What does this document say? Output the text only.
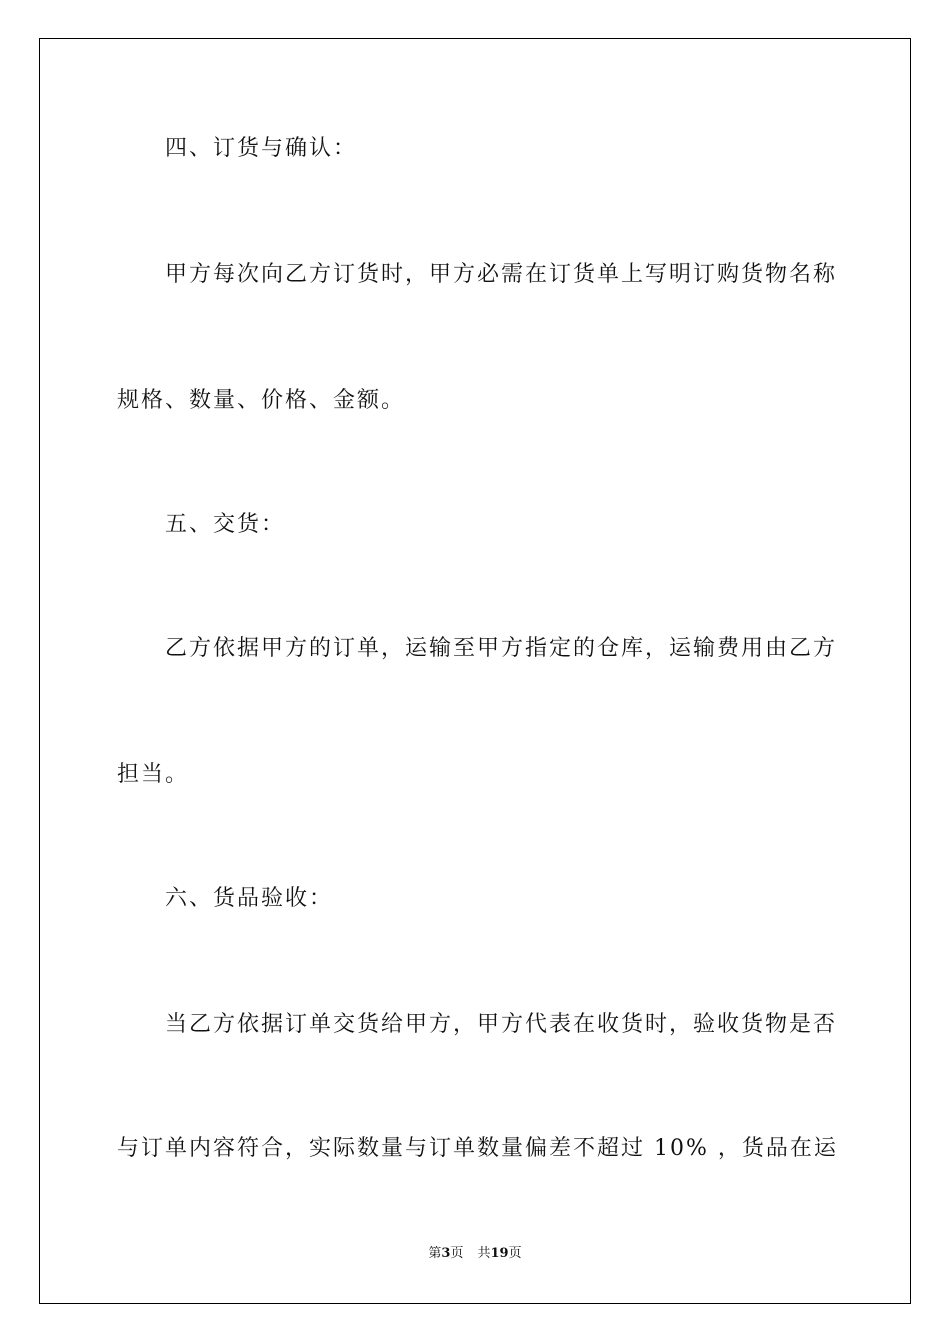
四、订货与确认：

甲方每次向乙方订货时，甲方必需在订货单上写明订购货物名称

规格、数量、价格、金额。

五、交货：

乙方依据甲方的订单，运输至甲方指定的仓库，运输费用由乙方

担当。

六、货品验收：

当乙方依据订单交货给甲方，甲方代表在收货时，验收货物是否

与订单内容符合，实际数量与订单数量偏差不超过 10% ，货品在运

第3页 共19页
